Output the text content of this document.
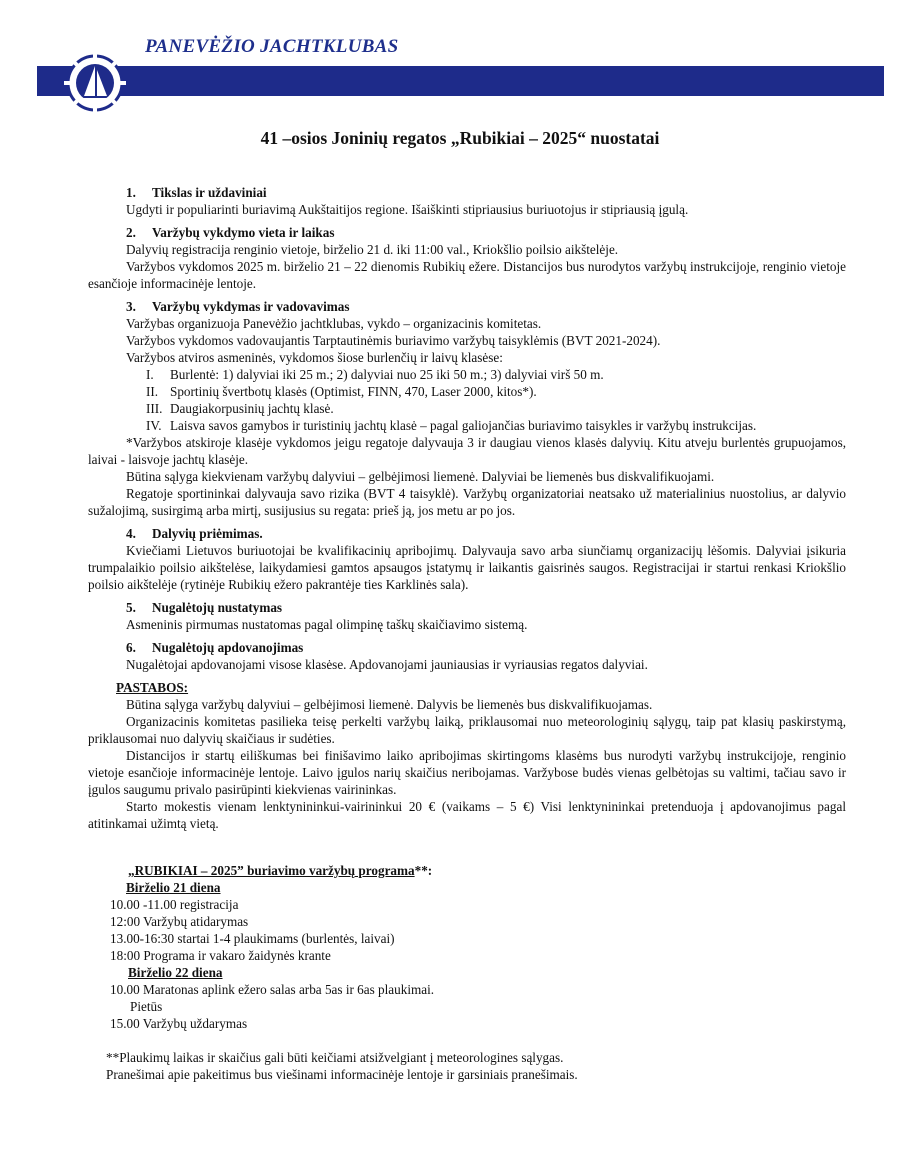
PANEVĖŽIO JACHTKLUBAS
41 –osios Joninių regatos „Rubikiai – 2025“ nuostatai
1. Tikslas ir uždaviniai
Ugdyti ir populiarinti buriavimą Aukštaitijos regione. Išaiškinti stipriausius buriuotojus ir stipriausią įgulą.
2. Varžybų vykdymo vieta ir laikas
Dalyvių registracija renginio vietoje, birželio 21 d. iki 11:00 val., Kriokšlio poilsio aikštelėje.
Varžybos vykdomos 2025 m. birželio 21 – 22 dienomis Rubikių ežere. Distancijos bus nurodytos varžybų instrukcijoje, renginio vietoje esančioje informacinėje lentoje.
3. Varžybų vykdymas ir vadovavimas
Varžybas organizuoja Panevėžio jachtklubas, vykdo – organizacinis komitetas.
Varžybos vykdomos vadovaujantis Tarptautinėmis buriavimo varžybų taisyklėmis (BVT 2021-2024).
Varžybos atviros asmeninės, vykdomos šiose burlenčių ir laivų klasėse:
I. Burlentė: 1) dalyviai iki 25 m.; 2) dalyviai nuo 25 iki 50 m.; 3) dalyviai virš 50 m.
II. Sportinių švertbotų klasės (Optimist, FINN, 470, Laser 2000, kitos*).
III. Daugiakorpusinių jachtų klasė.
IV. Laisva savos gamybos ir turistinių jachtų klasė – pagal galiojančias buriavimo taisykles ir varžybų instrukcijas.
*Varžybos atskiroje klasėje vykdomos jeigu regatoje dalyvauja 3 ir daugiau vienos klasės dalyvių. Kitu atveju burlentės grupuojamos, laivai - laisvoje jachtų klasėje.
Būtina sąlyga kiekvienam varžybų dalyviui – gelbėjimosi liemenė. Dalyviai be liemenės bus diskvalifikuojami.
Regatoje sportininkai dalyvauja savo rizika (BVT 4 taisyklė). Varžybų organizatoriai neatsako už materialinius nuostolius, ar dalyvio sužalojimą, susirgimą arba mirtį, susijusius su regata: prieš ją, jos metu ar po jos.
4. Dalyvių priėmimas.
Kviečiami Lietuvos buriuotojai be kvalifikacinių apribojimų. Dalyvauja savo arba siunčiamų organizacijų lėšomis. Dalyviai įsikuria trumpalaikio poilsio aikštelėse, laikydamiesi gamtos apsaugos įstatymų ir laikantis gaisrinės saugos. Registracijai ir startui renkasi Kriokšlio poilsio aikštelėje (rytinėje Rubikių ežero pakrantėje ties Karklinės sala).
5. Nugalėtojų nustatymas
Asmeninis pirmumas nustatomas pagal olimpinę taškų skaičiavimo sistemą.
6. Nugalėtojų apdovanojimas
Nugalėtojai apdovanojami visose klasėse. Apdovanojami jauniausias ir vyriausias regatos dalyviai.
PASTABOS:
Būtina sąlyga varžybų dalyviui – gelbėjimosi liemenė. Dalyvis be liemenės bus diskvalifikuojamas.
Organizacinis komitetas pasilieka teisę perkelti varžybų laiką, priklausomai nuo meteorologinių sąlygų, taip pat klasių paskirstymą, priklausomai nuo dalyvių skaičiaus ir sudėties.
Distancijos ir startų eiliškumas bei finišavimo laiko apribojimas skirtingoms klasėms bus nurodyti varžybų instrukcijoje, renginio vietoje esančioje informacinėje lentoje. Laivo įgulos narių skaičius neribojamas. Varžybose budės vienas gelbėtojas su valtimi, tačiau savo ir įgulos saugumu privalo pasirūpinti kiekvienas vairininkas.
Starto mokestis vienam lenktynininkui-vairininkui 20 € (vaikams – 5 €) Visi lenktynininkai pretenduoja į apdovanojimus pagal atitinkamai užimtą vietą.
„RUBIKIAI – 2025” buriavimo varžybų programa**:
Birželio 21 diena
10.00 -11.00 registracija
12:00 Varžybų atidarymas
13.00-16:30 startai 1-4 plaukimams (burlentės, laivai)
18:00 Programa ir vakaro žaidynės krante
Birželio 22 diena
10.00 Maratonas aplink ežero salas arba 5as ir 6as plaukimai.
Pietūs
15.00 Varžybų uždarymas
**Plaukimų laikas ir skaičius gali būti keičiami atsižvelgiant į meteorologines sąlygas.
Pranešimai apie pakeitimus bus viešinami informacinėje lentoje ir garsiniais pranešimais.
